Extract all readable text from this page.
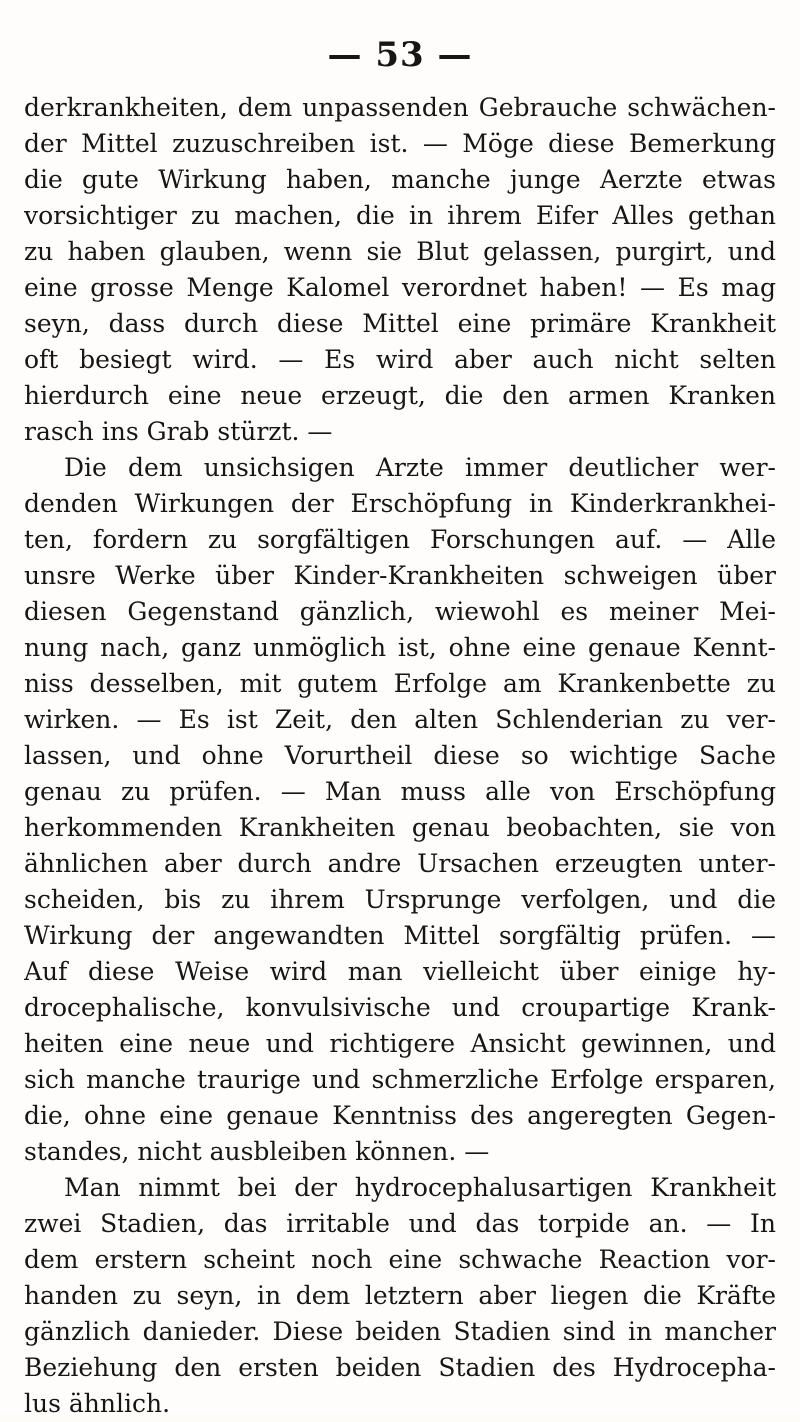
— 53 —
derkrankheiten, dem unpassenden Gebrauche schwächen-
der Mittel zuzuschreiben ist. — Möge diese Bemerkung
die gute Wirkung haben, manche junge Aerzte etwas
vorsichtiger zu machen, die in ihrem Eifer Alles gethan
zu haben glauben, wenn sie Blut gelassen, purgirt, und
eine grosse Menge Kalomel verordnet haben! — Es mag
seyn, dass durch diese Mittel eine primäre Krankheit
oft besiegt wird. — Es wird aber auch nicht selten
hierdurch eine neue erzeugt, die den armen Kranken
rasch ins Grab stürzt. —
Die dem unsichsigen Arzte immer deutlicher wer-
denden Wirkungen der Erschöpfung in Kinderkrankhei-
ten, fordern zu sorgfältigen Forschungen auf. — Alle
unsre Werke über Kinder-Krankheiten schweigen über
diesen Gegenstand gänzlich, wiewohl es meiner Mei-
nung nach, ganz unmöglich ist, ohne eine genaue Kennt-
niss desselben, mit gutem Erfolge am Krankenbette zu
wirken. — Es ist Zeit, den alten Schlenderian zu ver-
lassen, und ohne Vorurtheil diese so wichtige Sache
genau zu prüfen. — Man muss alle von Erschöpfung
herkommenden Krankheiten genau beobachten, sie von
ähnlichen aber durch andre Ursachen erzeugten unter-
scheiden, bis zu ihrem Ursprunge verfolgen, und die
Wirkung der angewandten Mittel sorgfältig prüfen. —
Auf diese Weise wird man vielleicht über einige hy-
drocephalische, konvulsivische und croupartige Krank-
heiten eine neue und richtigere Ansicht gewinnen, und
sich manche traurige und schmerzliche Erfolge ersparen,
die, ohne eine genaue Kenntniss des angeregten Gegen-
standes, nicht ausbleiben können. —
Man nimmt bei der hydrocephalusartigen Krankheit
zwei Stadien, das irritable und das torpide an. — In
dem erstern scheint noch eine schwache Reaction vor-
handen zu seyn, in dem letztern aber liegen die Kräfte
gänzlich danieder. Diese beiden Stadien sind in mancher
Beziehung den ersten beiden Stadien des Hydrocepha-
lus ähnlich.
